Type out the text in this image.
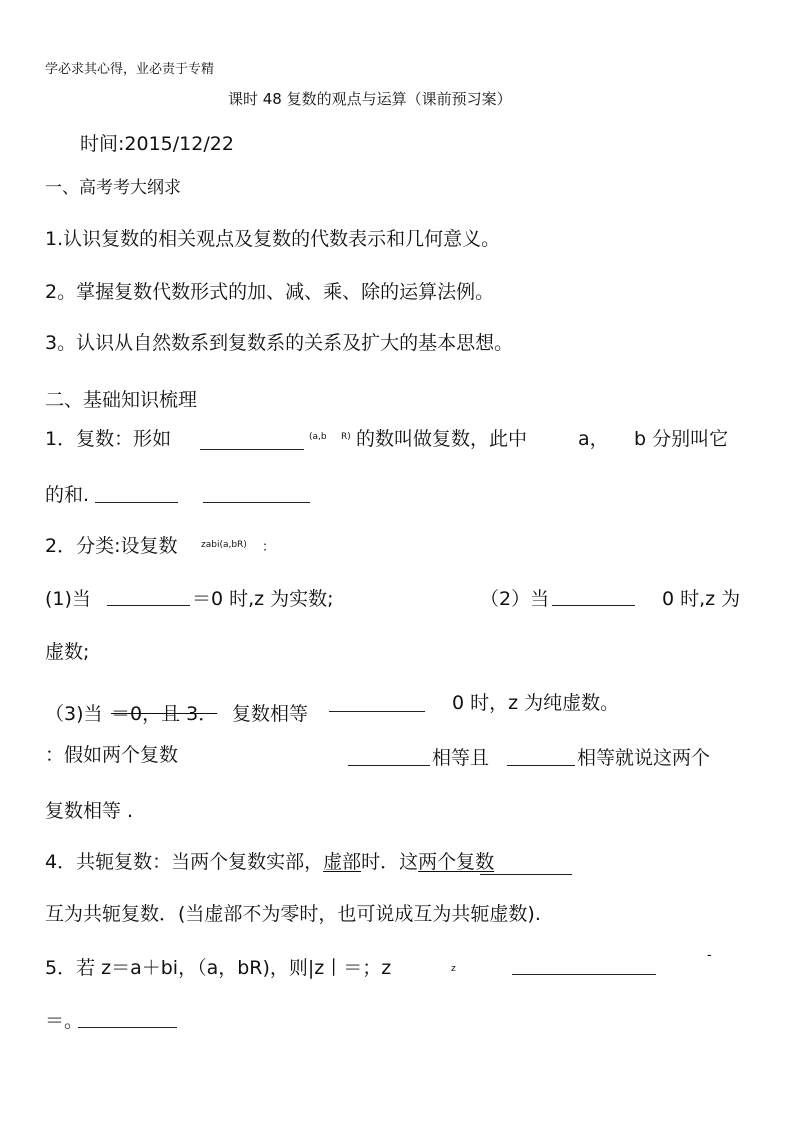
学必求其心得，业必责于专精
课时 48 复数的观点与运算（课前预习案）
时间:2015/12/22
一、高考考大纲求
1.认识复数的相关观点及复数的代数表示和几何意义。
2。掌握复数代数形式的加、减、乘、除的运算法例。
3。认识从自然数系到复数系的关系及扩大的基本思想。
二、基础知识梳理
1．复数：形如	(a,b R) 的数叫做复数，此中	a， b 分别叫它
的和.
2．分类:设复数	zabi(a,bR) ：
(1)当	＝0 时,z 为实数;	（2）当	0 时,z 为
虚数;
（3)当 ＝0，且 3． 复数相等	0 时，z 为纯虚数。
：假如两个复数	相等且	相等就说这两个
复数相等 .
4．共轭复数：当两个复数实部，虚部时．这两个复数
互为共轭复数．(当虚部不为零时，也可说成互为共轭虚数).
5．若 z＝a＋bi，（a，bR)，则|z丨＝；z	z
-
＝。
